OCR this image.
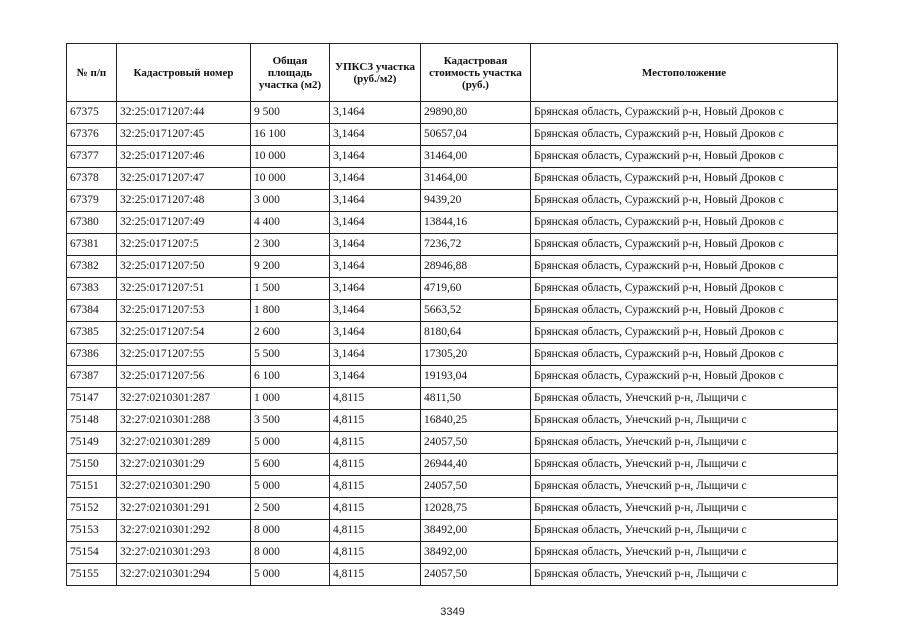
№ п/п	Кадастровый номер	Общая площадь участка (м2)	УПКСЗ участка (руб./м2)	Кадастровая стоимость участка (руб.)	Местоположение
67375	32:25:0171207:44	9 500	3,1464	29890,80	Брянская область, Суражский р-н, Новый Дроков с
67376	32:25:0171207:45	16 100	3,1464	50657,04	Брянская область, Суражский р-н, Новый Дроков с
67377	32:25:0171207:46	10 000	3,1464	31464,00	Брянская область, Суражский р-н, Новый Дроков с
67378	32:25:0171207:47	10 000	3,1464	31464,00	Брянская область, Суражский р-н, Новый Дроков с
67379	32:25:0171207:48	3 000	3,1464	9439,20	Брянская область, Суражский р-н, Новый Дроков с
67380	32:25:0171207:49	4 400	3,1464	13844,16	Брянская область, Суражский р-н, Новый Дроков с
67381	32:25:0171207:5	2 300	3,1464	7236,72	Брянская область, Суражский р-н, Новый Дроков с
67382	32:25:0171207:50	9 200	3,1464	28946,88	Брянская область, Суражский р-н, Новый Дроков с
67383	32:25:0171207:51	1 500	3,1464	4719,60	Брянская область, Суражский р-н, Новый Дроков с
67384	32:25:0171207:53	1 800	3,1464	5663,52	Брянская область, Суражский р-н, Новый Дроков с
67385	32:25:0171207:54	2 600	3,1464	8180,64	Брянская область, Суражский р-н, Новый Дроков с
67386	32:25:0171207:55	5 500	3,1464	17305,20	Брянская область, Суражский р-н, Новый Дроков с
67387	32:25:0171207:56	6 100	3,1464	19193,04	Брянская область, Суражский р-н, Новый Дроков с
75147	32:27:0210301:287	1 000	4,8115	4811,50	Брянская область, Унечский р-н, Лыщичи с
75148	32:27:0210301:288	3 500	4,8115	16840,25	Брянская область, Унечский р-н, Лыщичи с
75149	32:27:0210301:289	5 000	4,8115	24057,50	Брянская область, Унечский р-н, Лыщичи с
75150	32:27:0210301:29	5 600	4,8115	26944,40	Брянская область, Унечский р-н, Лыщичи с
75151	32:27:0210301:290	5 000	4,8115	24057,50	Брянская область, Унечский р-н, Лыщичи с
75152	32:27:0210301:291	2 500	4,8115	12028,75	Брянская область, Унечский р-н, Лыщичи с
75153	32:27:0210301:292	8 000	4,8115	38492,00	Брянская область, Унечский р-н, Лыщичи с
75154	32:27:0210301:293	8 000	4,8115	38492,00	Брянская область, Унечский р-н, Лыщичи с
75155	32:27:0210301:294	5 000	4,8115	24057,50	Брянская область, Унечский р-н, Лыщичи с
3349
